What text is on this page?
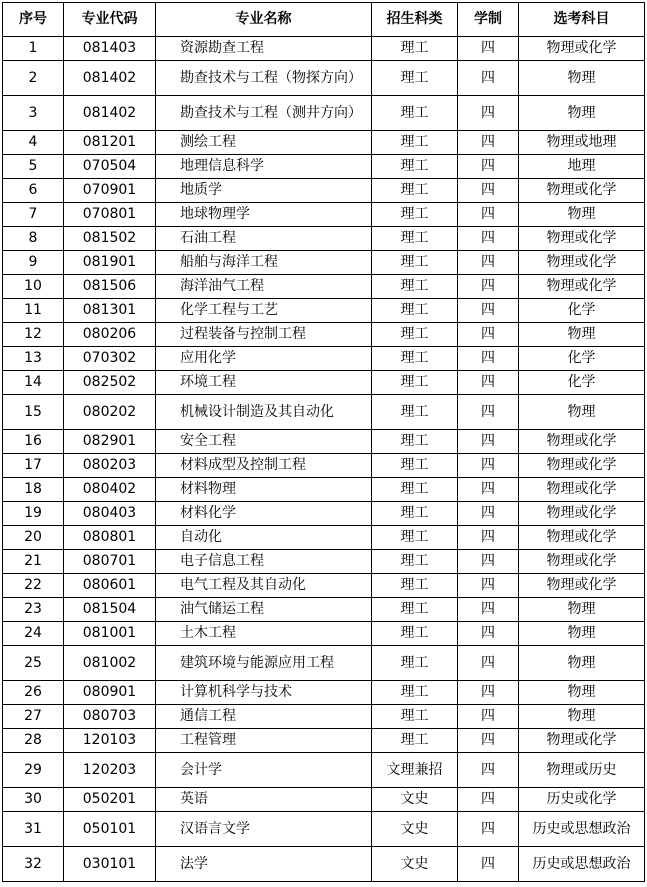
序号	专业代码	专业名称	招生科类	学制	选考科目
1	081403	资源勘查工程	理工	四	物理或化学
2	081402	勘查技术与工程（物探方向）	理工	四	物理
3	081402	勘查技术与工程（测井方向）	理工	四	物理
4	081201	测绘工程	理工	四	物理或地理
5	070504	地理信息科学	理工	四	地理
6	070901	地质学	理工	四	物理或化学
7	070801	地球物理学	理工	四	物理
8	081502	石油工程	理工	四	物理或化学
9	081901	船舶与海洋工程	理工	四	物理或化学
10	081506	海洋油气工程	理工	四	物理或化学
11	081301	化学工程与工艺	理工	四	化学
12	080206	过程装备与控制工程	理工	四	物理
13	070302	应用化学	理工	四	化学
14	082502	环境工程	理工	四	化学
15	080202	机械设计制造及其自动化	理工	四	物理
16	082901	安全工程	理工	四	物理或化学
17	080203	材料成型及控制工程	理工	四	物理或化学
18	080402	材料物理	理工	四	物理或化学
19	080403	材料化学	理工	四	物理或化学
20	080801	自动化	理工	四	物理或化学
21	080701	电子信息工程	理工	四	物理或化学
22	080601	电气工程及其自动化	理工	四	物理或化学
23	081504	油气储运工程	理工	四	物理
24	081001	土木工程	理工	四	物理
25	081002	建筑环境与能源应用工程	理工	四	物理
26	080901	计算机科学与技术	理工	四	物理
27	080703	通信工程	理工	四	物理
28	120103	工程管理	理工	四	物理或化学
29	120203	会计学	文理兼招	四	物理或历史
30	050201	英语	文史	四	历史或化学
31	050101	汉语言文学	文史	四	历史或思想政治
32	030101	法学	文史	四	历史或思想政治
